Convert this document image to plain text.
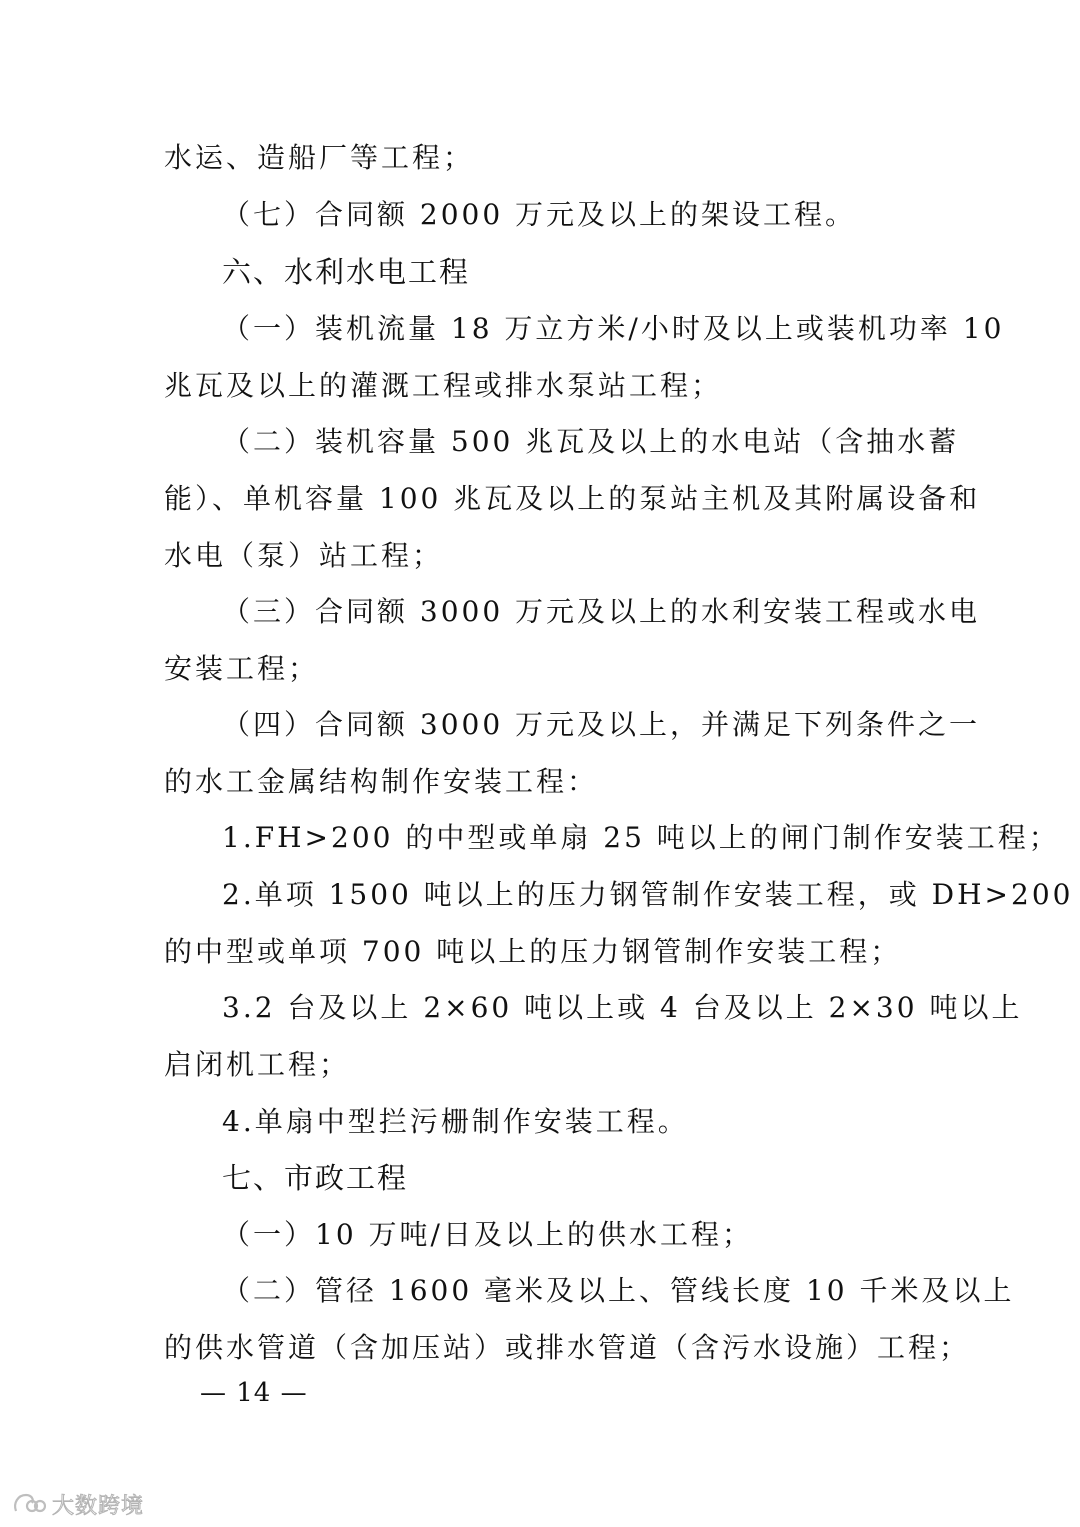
水运、造船厂等工程；
（七）合同额 2000 万元及以上的架设工程。
六、水利水电工程
（一）装机流量 18 万立方米/小时及以上或装机功率 10
兆瓦及以上的灌溉工程或排水泵站工程；
（二）装机容量 500 兆瓦及以上的水电站（含抽水蓄
能）、单机容量 100 兆瓦及以上的泵站主机及其附属设备和
水电（泵）站工程；
（三）合同额 3000 万元及以上的水利安装工程或水电
安装工程；
（四）合同额 3000 万元及以上，并满足下列条件之一
的水工金属结构制作安装工程：
1.FH>200 的中型或单扇 25 吨以上的闸门制作安装工程；
2.单项 1500 吨以上的压力钢管制作安装工程，或 DH>200
的中型或单项 700 吨以上的压力钢管制作安装工程；
3.2 台及以上 2×60 吨以上或 4 台及以上 2×30 吨以上
启闭机工程；
4.单扇中型拦污栅制作安装工程。
七、市政工程
（一）10 万吨/日及以上的供水工程；
（二）管径 1600 毫米及以上、管线长度 10 千米及以上
的供水管道（含加压站）或排水管道（含污水设施）工程；
— 14 —
大数跨境
